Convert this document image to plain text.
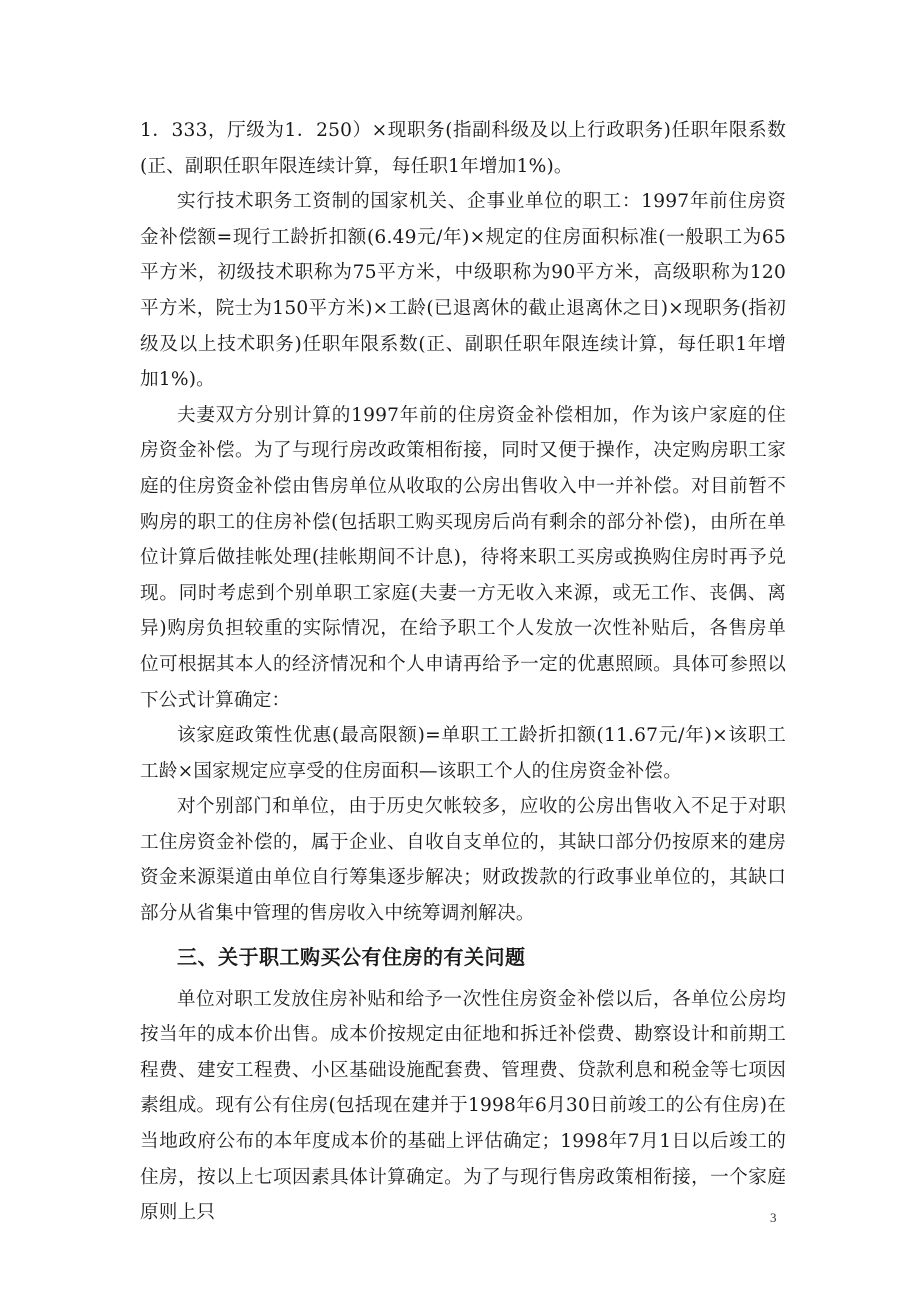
1．333，厅级为1．250）×现职务(指副科级及以上行政职务)任职年限系数(正、副职任职年限连续计算，每任职1年增加1%)。

实行技术职务工资制的国家机关、企事业单位的职工：1997年前住房资金补偿额=现行工龄折扣额(6.49元/年)×规定的住房面积标准(一般职工为65平方米，初级技术职称为75平方米，中级职称为90平方米，高级职称为120平方米，院士为150平方米)×工龄(已退离休的截止退离休之日)×现职务(指初级及以上技术职务)任职年限系数(正、副职任职年限连续计算，每任职1年增加1%)。

夫妻双方分别计算的1997年前的住房资金补偿相加，作为该户家庭的住房资金补偿。为了与现行房改政策相衔接，同时又便于操作，决定购房职工家庭的住房资金补偿由售房单位从收取的公房出售收入中一并补偿。对目前暂不购房的职工的住房补偿(包括职工购买现房后尚有剩余的部分补偿)，由所在单位计算后做挂帐处理(挂帐期间不计息)，待将来职工买房或换购住房时再予兑现。同时考虑到个别单职工家庭(夫妻一方无收入来源，或无工作、丧偶、离异)购房负担较重的实际情况，在给予职工个人发放一次性补贴后，各售房单位可根据其本人的经济情况和个人申请再给予一定的优惠照顾。具体可参照以下公式计算确定：

该家庭政策性优惠(最高限额)=单职工工龄折扣额(11.67元/年)×该职工工龄×国家规定应享受的住房面积—该职工个人的住房资金补偿。

对个别部门和单位，由于历史欠帐较多，应收的公房出售收入不足于对职工住房资金补偿的，属于企业、自收自支单位的，其缺口部分仍按原来的建房资金来源渠道由单位自行筹集逐步解决；财政拨款的行政事业单位的，其缺口部分从省集中管理的售房收入中统筹调剂解决。

三、关于职工购买公有住房的有关问题

单位对职工发放住房补贴和给予一次性住房资金补偿以后，各单位公房均按当年的成本价出售。成本价按规定由征地和拆迁补偿费、勘察设计和前期工程费、建安工程费、小区基础设施配套费、管理费、贷款利息和税金等七项因素组成。现有公有住房(包括现在建并于1998年6月30日前竣工的公有住房)在当地政府公布的本年度成本价的基础上评估确定；1998年7月1日以后竣工的住房，按以上七项因素具体计算确定。为了与现行售房政策相衔接，一个家庭原则上只	3
